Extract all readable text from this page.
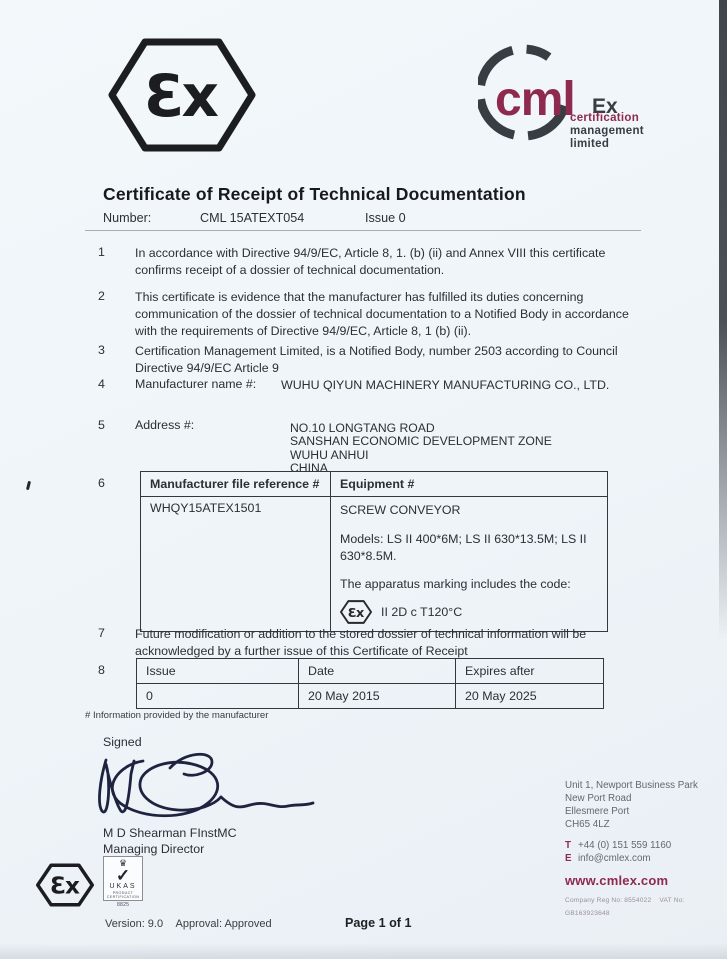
Ɛx	cml Ex
certification
management
limited
Certificate of Receipt of Technical Documentation
Number:	CML 15ATEXT054	Issue 0
1 In accordance with Directive 94/9/EC, Article 8, 1. (b) (ii) and Annex VIII this certificate confirms receipt of a dossier of technical documentation.
2 This certificate is evidence that the manufacturer has fulfilled its duties concerning communication of the dossier of technical documentation to a Notified Body in accordance with the requirements of Directive 94/9/EC, Article 8, 1 (b) (ii).
3 Certification Management Limited, is a Notified Body, number 2503 according to Council Directive 94/9/EC Article 9
4 Manufacturer name #: WUHU QIYUN MACHINERY MANUFACTURING CO., LTD.
5 Address #:	NO.10 LONGTANG ROAD
SANSHAN ECONOMIC DEVELOPMENT ZONE
WUHU ANHUI
CHINA
6	Manufacturer file reference #	Equipment #
WHQY15ATEX1501	SCREW CONVEYOR
Models: LS II 400*6M; LS II 630*13.5M; LS II 630*8.5M.
The apparatus marking includes the code:
Ɛx II 2D c T120°C
7 Future modification or addition to the stored dossier of technical information will be acknowledged by a further issue of this Certificate of Receipt
8	Issue	Date	Expires after
0	20 May 2015	20 May 2025
# Information provided by the manufacturer
Signed
M D Shearman FInstMC
Managing Director
Ɛx
♛
✓
UKAS
PRODUCT
CERTIFICATION
8825
Version: 9.0 Approval: Approved	Page 1 of 1
Unit 1, Newport Business Park
New Port Road
Ellesmere Port
CH65 4LZ
T +44 (0) 151 559 1160
E info@cmlex.com
www.cmlex.com
Company Reg No: 8554022 VAT No: GB163923648
